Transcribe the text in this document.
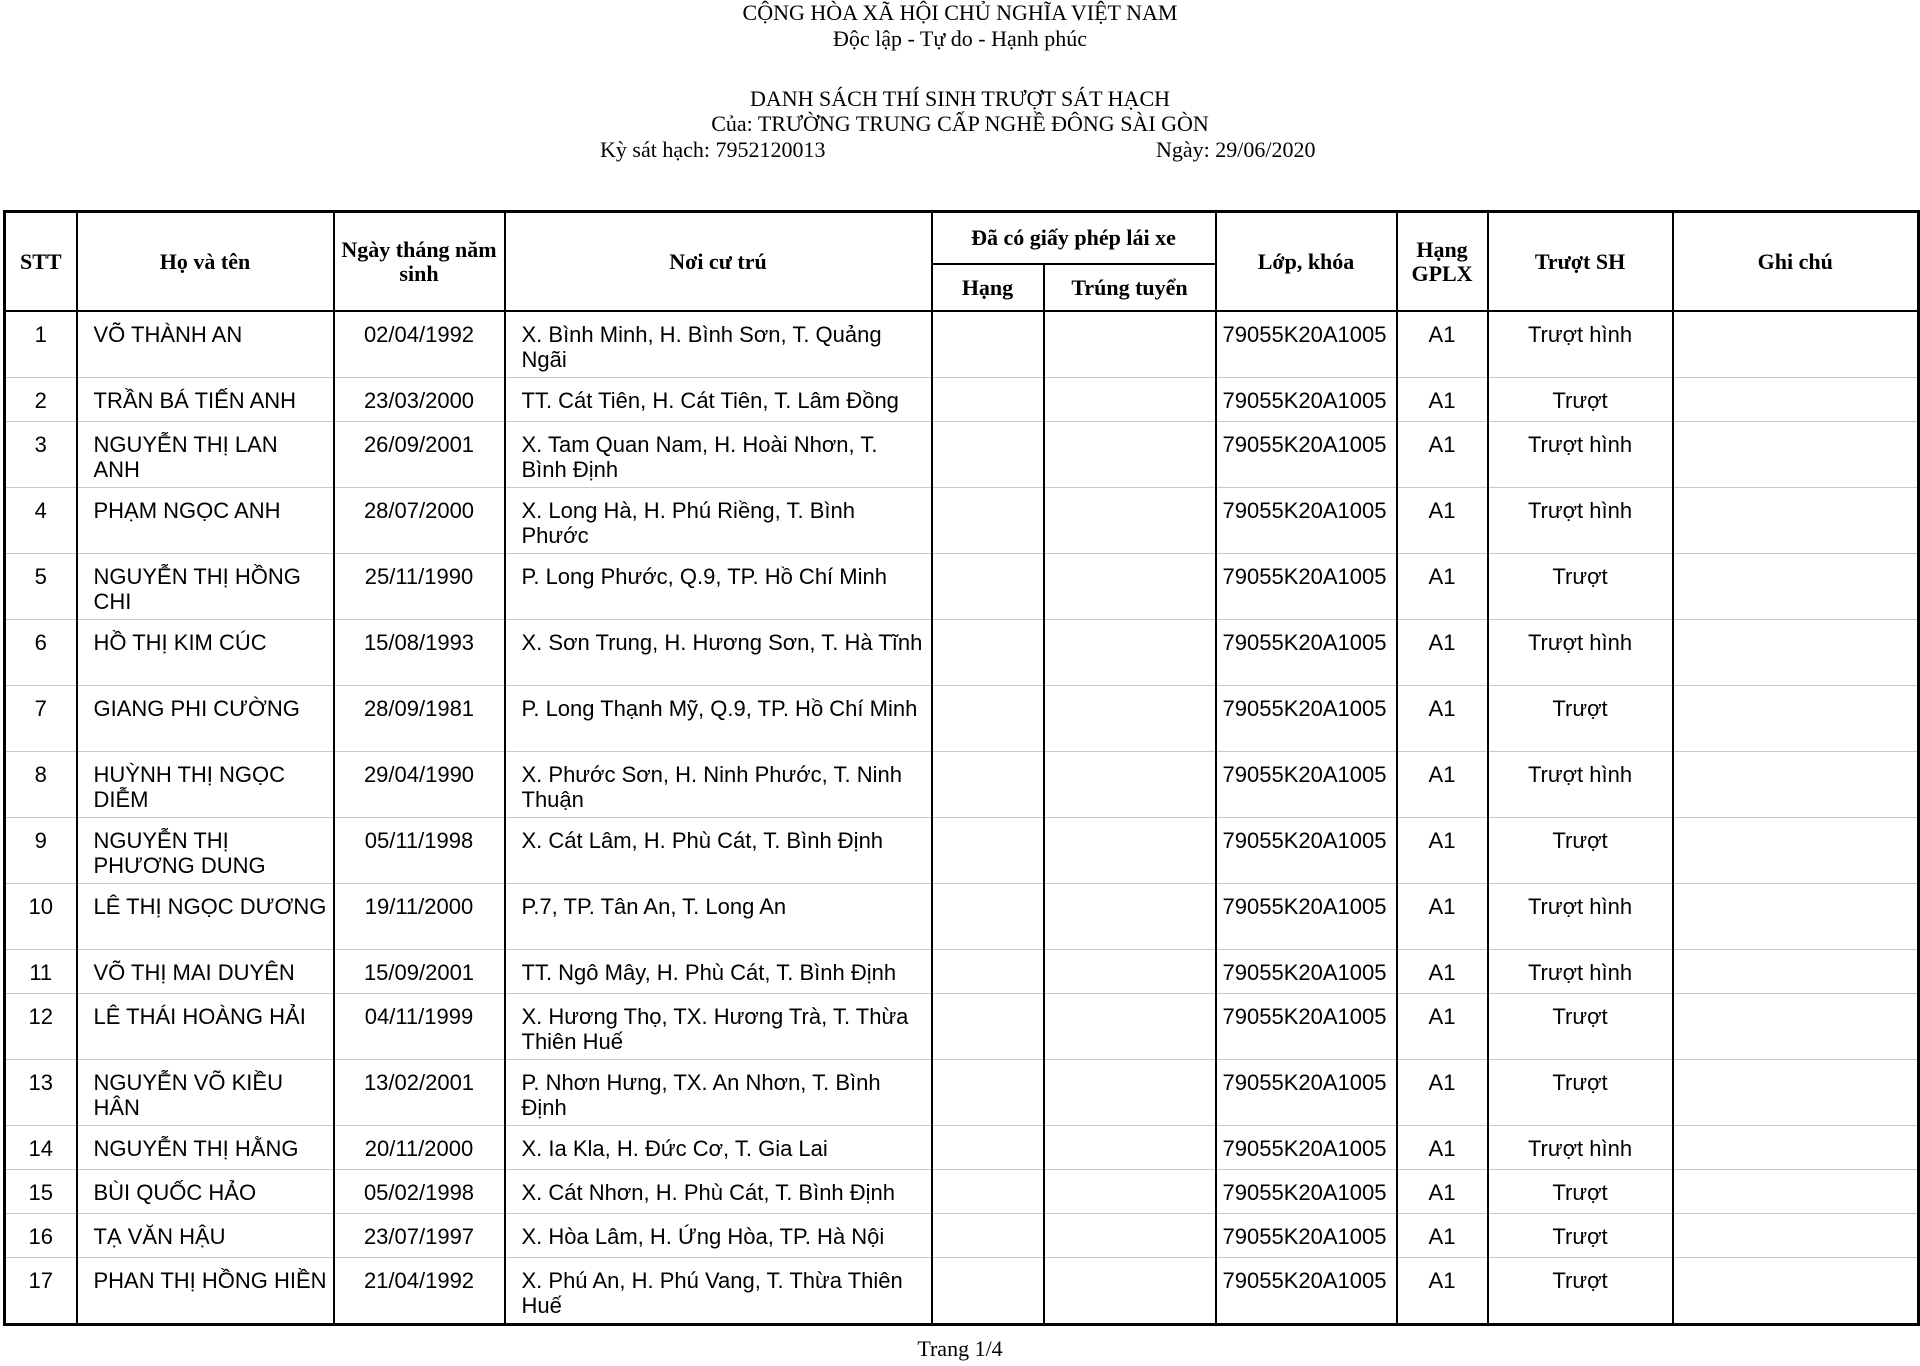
CỘNG HÒA XÃ HỘI CHỦ NGHĨA VIỆT NAM
Độc lập - Tự do - Hạnh phúc
DANH SÁCH THÍ SINH TRƯỢT SÁT HẠCH
Của: TRƯỜNG TRUNG CẤP NGHỀ ĐÔNG SÀI GÒN
Kỳ sát hạch: 7952120013	Ngày: 29/06/2020
STT	Họ và tên	Ngày tháng năm sinh	Nơi cư trú	Đã có giấy phép lái xe		Lớp, khóa	Hạng GPLX	Trượt SH	Ghi chú
				Hạng	Trúng tuyển				
1	VÕ THÀNH AN	02/04/1992	X. Bình Minh, H. Bình Sơn, T. Quảng Ngãi			79055K20A1005	A1	Trượt hình	
2	TRẦN BÁ TIẾN ANH	23/03/2000	TT. Cát Tiên, H. Cát Tiên, T. Lâm Đồng			79055K20A1005	A1	Trượt	
3	NGUYỄN THỊ LAN ANH	26/09/2001	X. Tam Quan Nam, H. Hoài Nhơn, T. Bình Định			79055K20A1005	A1	Trượt hình	
4	PHẠM NGỌC ANH	28/07/2000	X. Long Hà, H. Phú Riềng, T. Bình Phước			79055K20A1005	A1	Trượt hình	
5	NGUYỄN THỊ HỒNG CHI	25/11/1990	P. Long Phước, Q.9, TP. Hồ Chí Minh			79055K20A1005	A1	Trượt	
6	HỒ THỊ KIM CÚC	15/08/1993	X. Sơn Trung, H. Hương Sơn, T. Hà Tĩnh			79055K20A1005	A1	Trượt hình	
7	GIANG PHI CƯỜNG	28/09/1981	P. Long Thạnh Mỹ, Q.9, TP. Hồ Chí Minh			79055K20A1005	A1	Trượt	
8	HUỲNH THỊ NGỌC DIỄM	29/04/1990	X. Phước Sơn, H. Ninh Phước, T. Ninh Thuận			79055K20A1005	A1	Trượt hình	
9	NGUYỄN THỊ PHƯƠNG DUNG	05/11/1998	X. Cát Lâm, H. Phù Cát, T. Bình Định			79055K20A1005	A1	Trượt	
10	LÊ THỊ NGỌC DƯƠNG	19/11/2000	P.7, TP. Tân An, T. Long An			79055K20A1005	A1	Trượt hình	
11	VÕ THỊ MAI DUYÊN	15/09/2001	TT. Ngô Mây, H. Phù Cát, T. Bình Định			79055K20A1005	A1	Trượt hình	
12	LÊ THÁI HOÀNG HẢI	04/11/1999	X. Hương Thọ, TX. Hương Trà, T. Thừa Thiên Huế			79055K20A1005	A1	Trượt	
13	NGUYỄN VÕ KIỀU HÂN	13/02/2001	P. Nhơn Hưng, TX. An Nhơn, T. Bình Định			79055K20A1005	A1	Trượt	
14	NGUYỄN THỊ HẰNG	20/11/2000	X. Ia Kla, H. Đức Cơ, T. Gia Lai			79055K20A1005	A1	Trượt hình	
15	BÙI QUỐC HẢO	05/02/1998	X. Cát Nhơn, H. Phù Cát, T. Bình Định			79055K20A1005	A1	Trượt	
16	TẠ VĂN HẬU	23/07/1997	X. Hòa Lâm, H. Ứng Hòa, TP. Hà Nội			79055K20A1005	A1	Trượt	
17	PHAN THỊ HỒNG HIỀN	21/04/1992	X. Phú An, H. Phú Vang, T. Thừa Thiên Huế			79055K20A1005	A1	Trượt	
Trang 1/4
